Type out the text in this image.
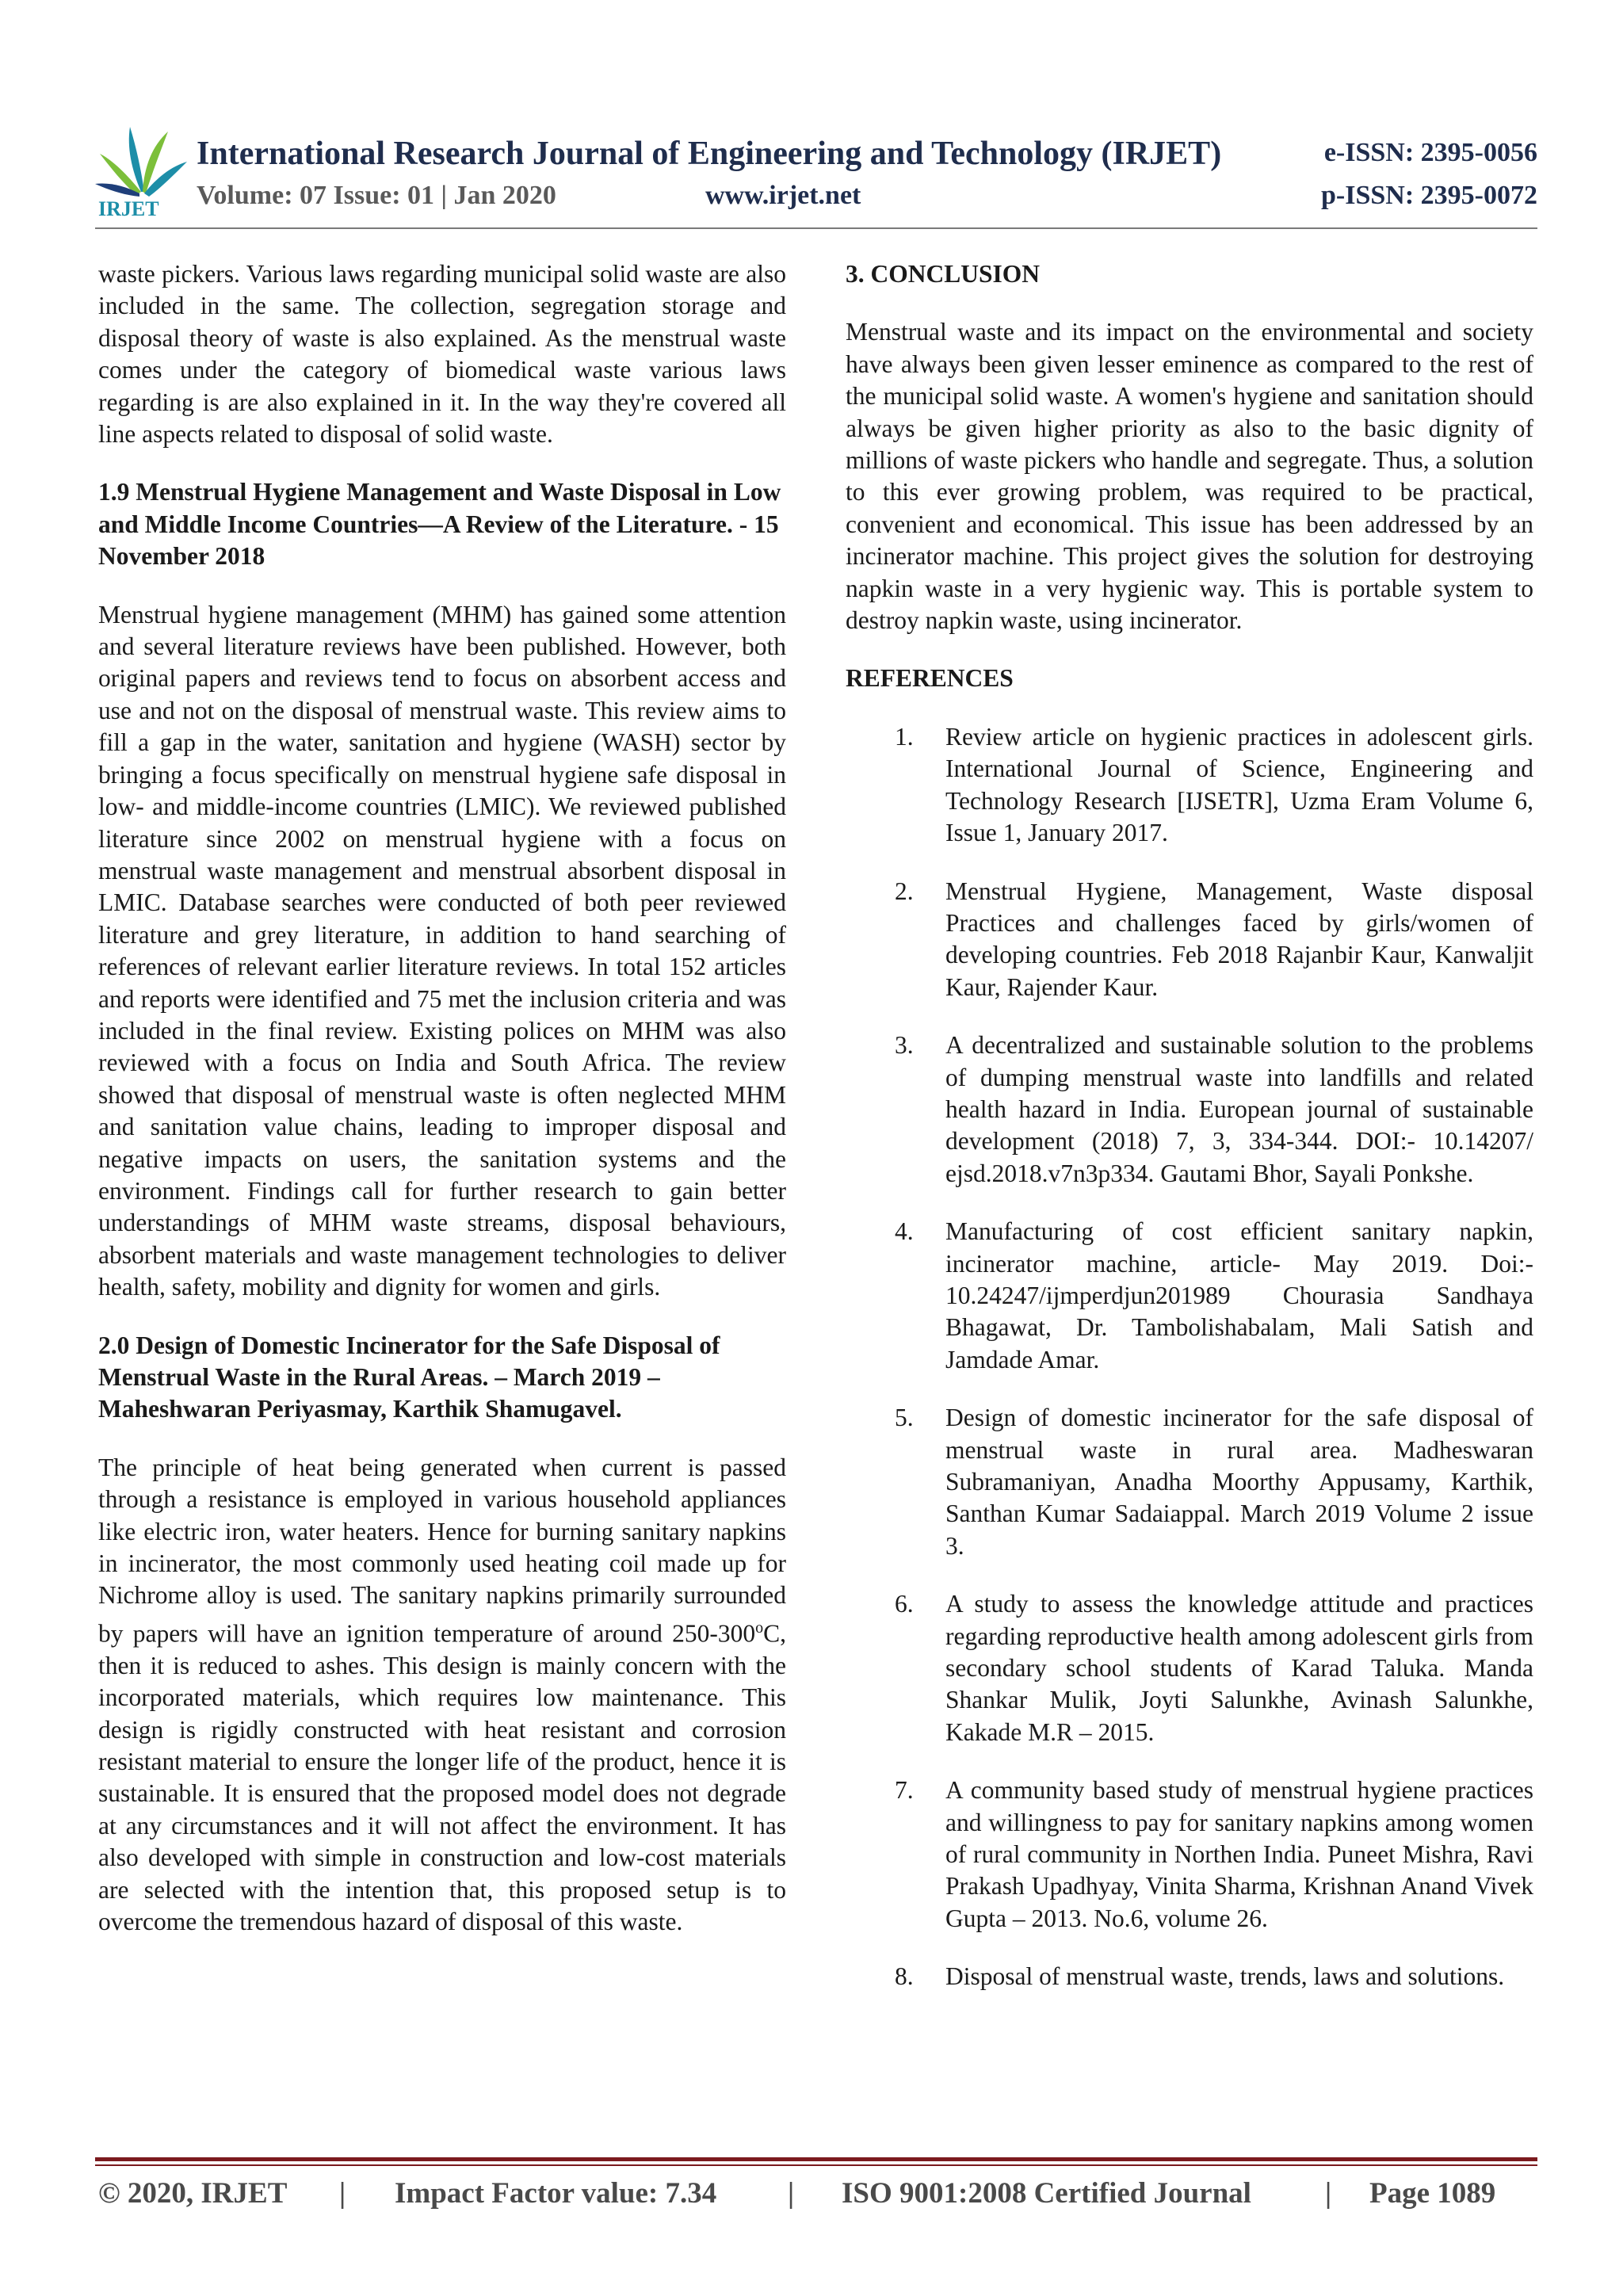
IRJET
International Research Journal of Engineering and Technology (IRJET)	e-ISSN: 2395-0056
Volume: 07 Issue: 01 | Jan 2020	www.irjet.net	p-ISSN: 2395-0072

waste pickers. Various laws regarding municipal solid waste are also included in the same. The collection, segregation storage and disposal theory of waste is also explained. As the menstrual waste comes under the category of biomedical waste various laws regarding is are also explained in it. In the way they're covered all line aspects related to disposal of solid waste.

1.9 Menstrual Hygiene Management and Waste Disposal in Low and Middle Income Countries—A Review of the Literature. - 15 November 2018

Menstrual hygiene management (MHM) has gained some attention and several literature reviews have been published. However, both original papers and reviews tend to focus on absorbent access and use and not on the disposal of menstrual waste. This review aims to fill a gap in the water, sanitation and hygiene (WASH) sector by bringing a focus specifically on menstrual hygiene safe disposal in low- and middle-income countries (LMIC). We reviewed published literature since 2002 on menstrual hygiene with a focus on menstrual waste management and menstrual absorbent disposal in LMIC. Database searches were conducted of both peer reviewed literature and grey literature, in addition to hand searching of references of relevant earlier literature reviews. In total 152 articles and reports were identified and 75 met the inclusion criteria and was included in the final review. Existing polices on MHM was also reviewed with a focus on India and South Africa. The review showed that disposal of menstrual waste is often neglected MHM and sanitation value chains, leading to improper disposal and negative impacts on users, the sanitation systems and the environment. Findings call for further research to gain better understandings of MHM waste streams, disposal behaviours, absorbent materials and waste management technologies to deliver health, safety, mobility and dignity for women and girls.

2.0 Design of Domestic Incinerator for the Safe Disposal of Menstrual Waste in the Rural Areas. – March 2019 – Maheshwaran Periyasmay, Karthik Shamugavel.

The principle of heat being generated when current is passed through a resistance is employed in various household appliances like electric iron, water heaters. Hence for burning sanitary napkins in incinerator, the most commonly used heating coil made up for Nichrome alloy is used. The sanitary napkins primarily surrounded by papers will have an ignition temperature of around 250-300$^o$C, then it is reduced to ashes. This design is mainly concern with the incorporated materials, which requires low maintenance. This design is rigidly constructed with heat resistant and corrosion resistant material to ensure the longer life of the product, hence it is sustainable. It is ensured that the proposed model does not degrade at any circumstances and it will not affect the environment. It has also developed with simple in construction and low-cost materials are selected with the intention that, this proposed setup is to overcome the tremendous hazard of disposal of this waste.

3. CONCLUSION

Menstrual waste and its impact on the environmental and society have always been given lesser eminence as compared to the rest of the municipal solid waste. A women's hygiene and sanitation should always be given higher priority as also to the basic dignity of millions of waste pickers who handle and segregate. Thus, a solution to this ever growing problem, was required to be practical, convenient and economical. This issue has been addressed by an incinerator machine. This project gives the solution for destroying napkin waste in a very hygienic way. This is portable system to destroy napkin waste, using incinerator.

REFERENCES

1. Review article on hygienic practices in adolescent girls. International Journal of Science, Engineering and Technology Research [IJSETR], Uzma Eram Volume 6, Issue 1, January 2017.
2. Menstrual Hygiene, Management, Waste disposal Practices and challenges faced by girls/women of developing countries. Feb 2018 Rajanbir Kaur, Kanwaljit Kaur, Rajender Kaur.
3. A decentralized and sustainable solution to the problems of dumping menstrual waste into landfills and related health hazard in India. European journal of sustainable development (2018) 7, 3, 334-344. DOI:- 10.14207/ ejsd.2018.v7n3p334. Gautami Bhor, Sayali Ponkshe.
4. Manufacturing of cost efficient sanitary napkin, incinerator machine, article- May 2019. Doi:- 10.24247/ijmperdjun201989 Chourasia Sandhaya Bhagawat, Dr. Tambolishabalam, Mali Satish and Jamdade Amar.
5. Design of domestic incinerator for the safe disposal of menstrual waste in rural area. Madheswaran Subramaniyan, Anadha Moorthy Appusamy, Karthik, Santhan Kumar Sadaiappal. March 2019 Volume 2 issue 3.
6. A study to assess the knowledge attitude and practices regarding reproductive health among adolescent girls from secondary school students of Karad Taluka. Manda Shankar Mulik, Joyti Salunkhe, Avinash Salunkhe, Kakade M.R – 2015.
7. A community based study of menstrual hygiene practices and willingness to pay for sanitary napkins among women of rural community in Northen India. Puneet Mishra, Ravi Prakash Upadhyay, Vinita Sharma, Krishnan Anand Vivek Gupta – 2013. No.6, volume 26.
8. Disposal of menstrual waste, trends, laws and solutions.
© 2020, IRJET | Impact Factor value: 7.34 | ISO 9001:2008 Certified Journal	| Page 1089
